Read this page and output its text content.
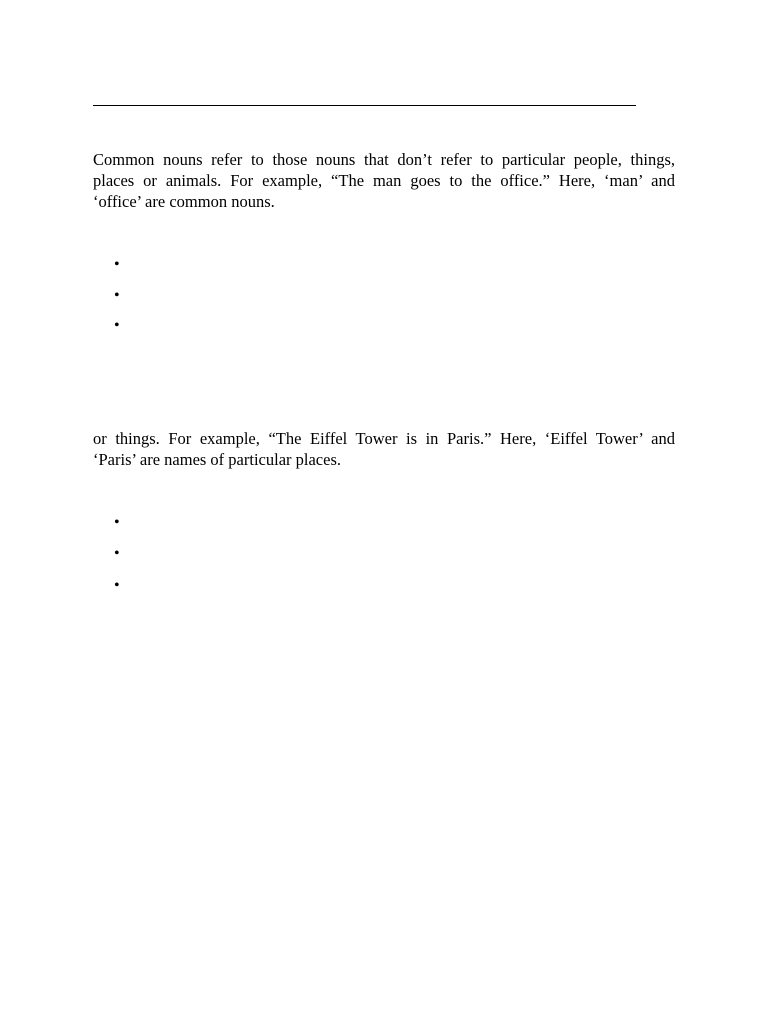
Common nouns refer to those nouns that don’t refer to particular people, things,
places or animals. For example, “The man goes to the office.” Here, ‘man’ and
‘office’ are common nouns.

•
•
•

or things. For example, “The Eiffel Tower is in Paris.” Here, ‘Eiffel Tower’ and
‘Paris’ are names of particular places.

•
•
•
